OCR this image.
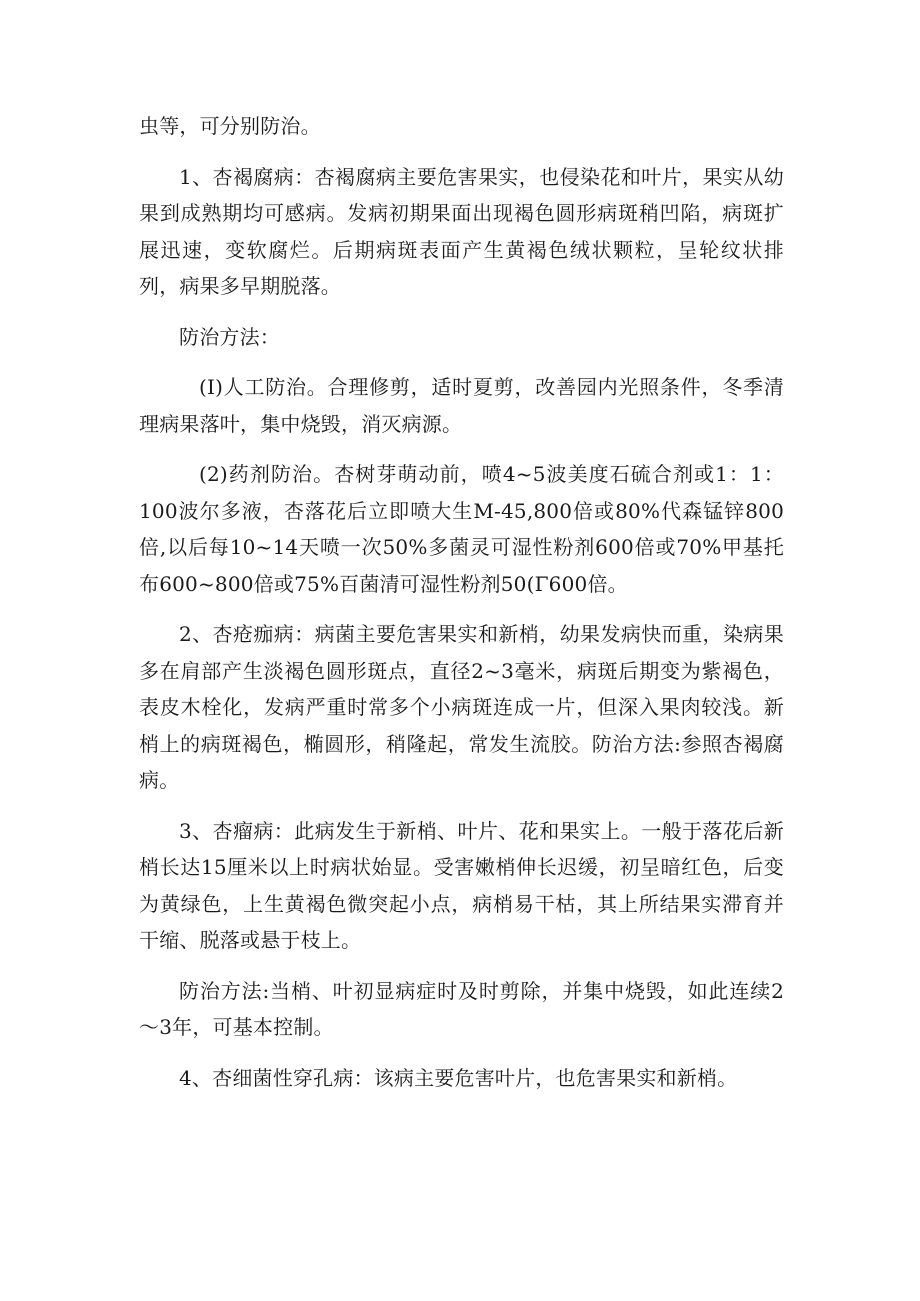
虫等，可分别防治。

1、杏褐腐病：杏褐腐病主要危害果实，也侵染花和叶片，果实从幼果到成熟期均可感病。发病初期果面出现褐色圆形病斑稍凹陷，病斑扩展迅速，变软腐烂。后期病斑表面产生黄褐色绒状颗粒，呈轮纹状排列，病果多早期脱落。

防治方法：

(I)人工防治。合理修剪，适时夏剪，改善园内光照条件，冬季清理病果落叶，集中烧毁，消灭病源。

(2)药剂防治。杏树芽萌动前，喷4~5波美度石硫合剂或1：1：100波尔多液，杏落花后立即喷大生M-45,800倍或80%代森锰锌800倍,以后每10~14天喷一次50%多菌灵可湿性粉剂600倍或70%甲基托布600~800倍或75%百菌清可湿性粉剂50(Γ600倍。

2、杏疮痂病：病菌主要危害果实和新梢，幼果发病快而重，染病果多在肩部产生淡褐色圆形斑点，直径2~3毫米，病斑后期变为紫褐色，表皮木栓化，发病严重时常多个小病斑连成一片，但深入果肉较浅。新梢上的病斑褐色，椭圆形，稍隆起，常发生流胶。防治方法:参照杏褐腐病。

3、杏瘤病：此病发生于新梢、叶片、花和果实上。一般于落花后新梢长达15厘米以上时病状始显。受害嫩梢伸长迟缓，初呈暗红色，后变为黄绿色，上生黄褐色微突起小点，病梢易干枯，其上所结果实滞育并干缩、脱落或悬于枝上。

防治方法:当梢、叶初显病症时及时剪除，并集中烧毁，如此连续2～3年，可基本控制。

4、杏细菌性穿孔病：该病主要危害叶片，也危害果实和新梢。
